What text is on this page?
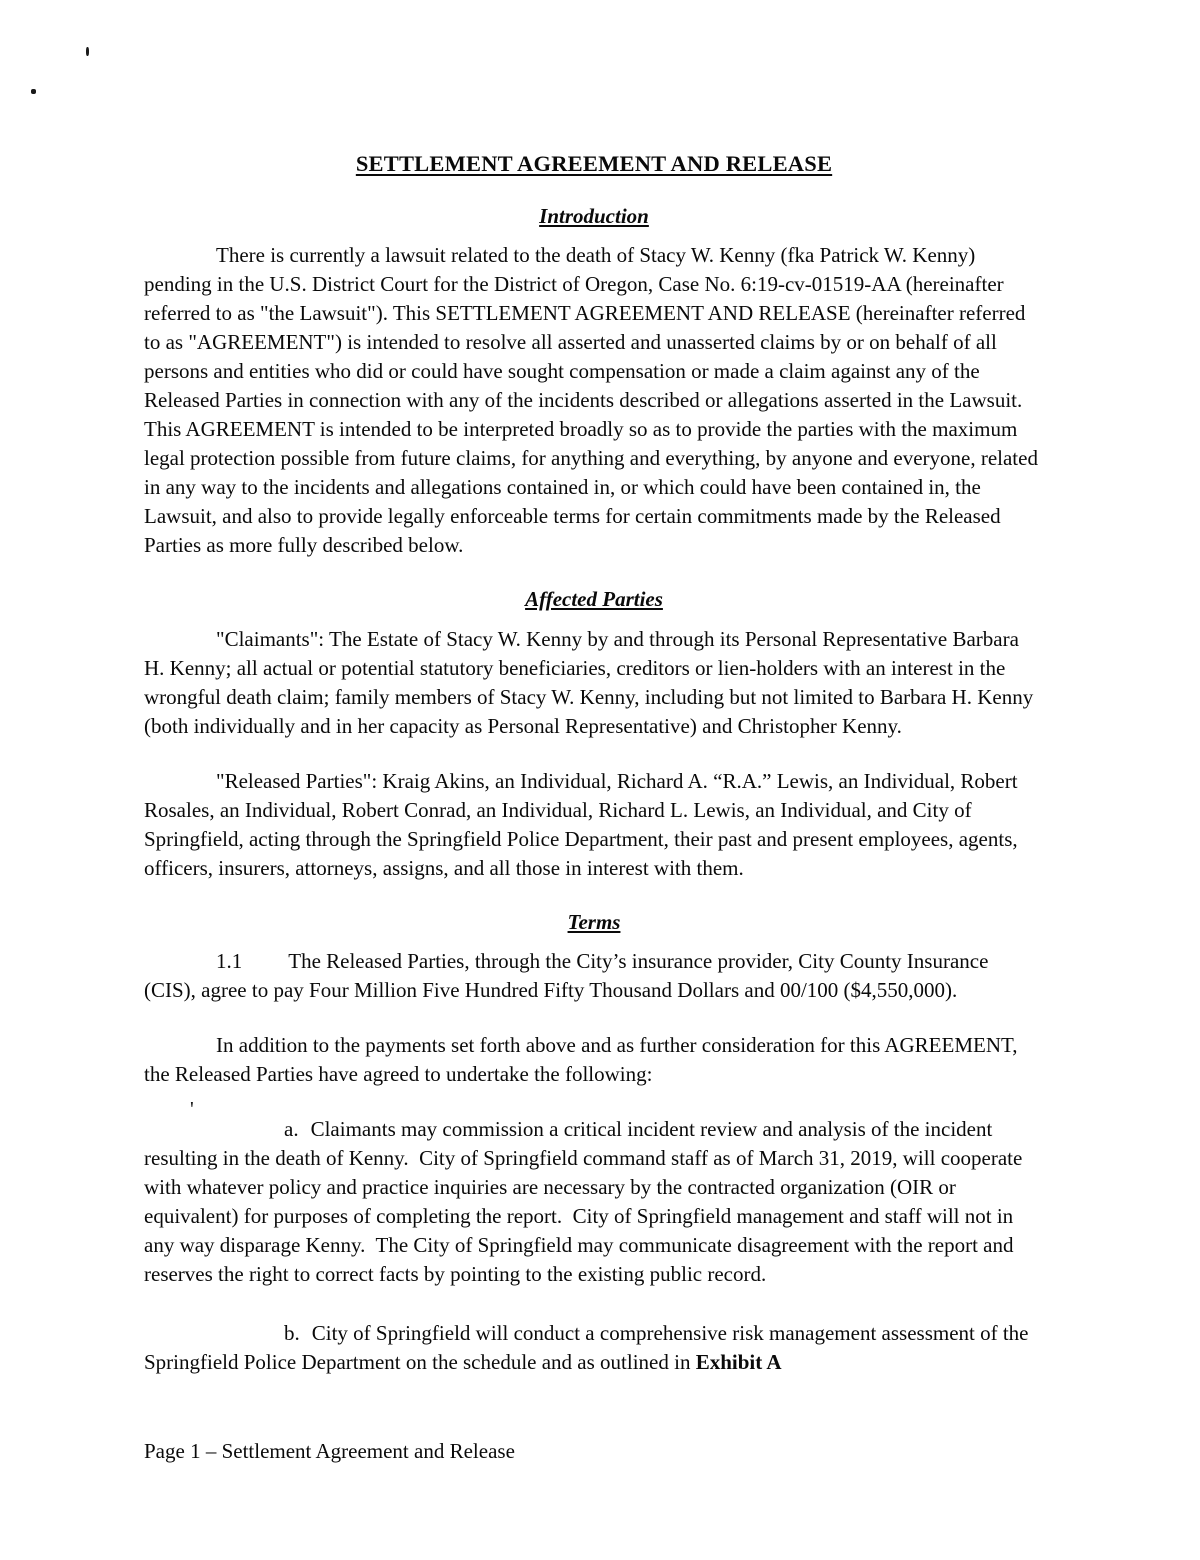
SETTLEMENT AGREEMENT AND RELEASE
Introduction

There is currently a lawsuit related to the death of Stacy W. Kenny (fka Patrick W. Kenny) pending in the U.S. District Court for the District of Oregon, Case No. 6:19-cv-01519-AA (hereinafter referred to as "the Lawsuit"). This SETTLEMENT AGREEMENT AND RELEASE (hereinafter referred to as "AGREEMENT") is intended to resolve all asserted and unasserted claims by or on behalf of all persons and entities who did or could have sought compensation or made a claim against any of the Released Parties in connection with any of the incidents described or allegations asserted in the Lawsuit. This AGREEMENT is intended to be interpreted broadly so as to provide the parties with the maximum legal protection possible from future claims, for anything and everything, by anyone and everyone, related in any way to the incidents and allegations contained in, or which could have been contained in, the Lawsuit, and also to provide legally enforceable terms for certain commitments made by the Released Parties as more fully described below.

Affected Parties
'

"Claimants": The Estate of Stacy W. Kenny by and through its Personal Representative Barbara H. Kenny; all actual or potential statutory beneficiaries, creditors or lien-holders with an interest in the wrongful death claim; family members of Stacy W. Kenny, including but not limited to Barbara H. Kenny (both individually and in her capacity as Personal Representative) and Christopher Kenny.

"Released Parties": Kraig Akins, an Individual, Richard A. “R.A.” Lewis, an Individual, Robert Rosales, an Individual, Robert Conrad, an Individual, Richard L. Lewis, an Individual, and City of Springfield, acting through the Springfield Police Department, their past and present employees, agents, officers, insurers, attorneys, assigns, and all those in interest with them.

Terms

1.1 The Released Parties, through the City’s insurance provider, City County Insurance (CIS), agree to pay Four Million Five Hundred Fifty Thousand Dollars and 00/100 ($4,550,000).

In addition to the payments set forth above and as further consideration for this AGREEMENT, the Released Parties have agreed to undertake the following:

a. Claimants may commission a critical incident review and analysis of the incident resulting in the death of Kenny.  City of Springfield command staff as of March 31, 2019, will cooperate with whatever policy and practice inquiries are necessary by the contracted organization (OIR or equivalent) for purposes of completing the report.  City of Springfield management and staff will not in any way disparage Kenny.  The City of Springfield may communicate disagreement with the report and reserves the right to correct facts by pointing to the existing public record.

b. City of Springfield will conduct a comprehensive risk management assessment of the Springfield Police Department on the schedule and as outlined in Exhibit A

Page 1 – Settlement Agreement and Release
